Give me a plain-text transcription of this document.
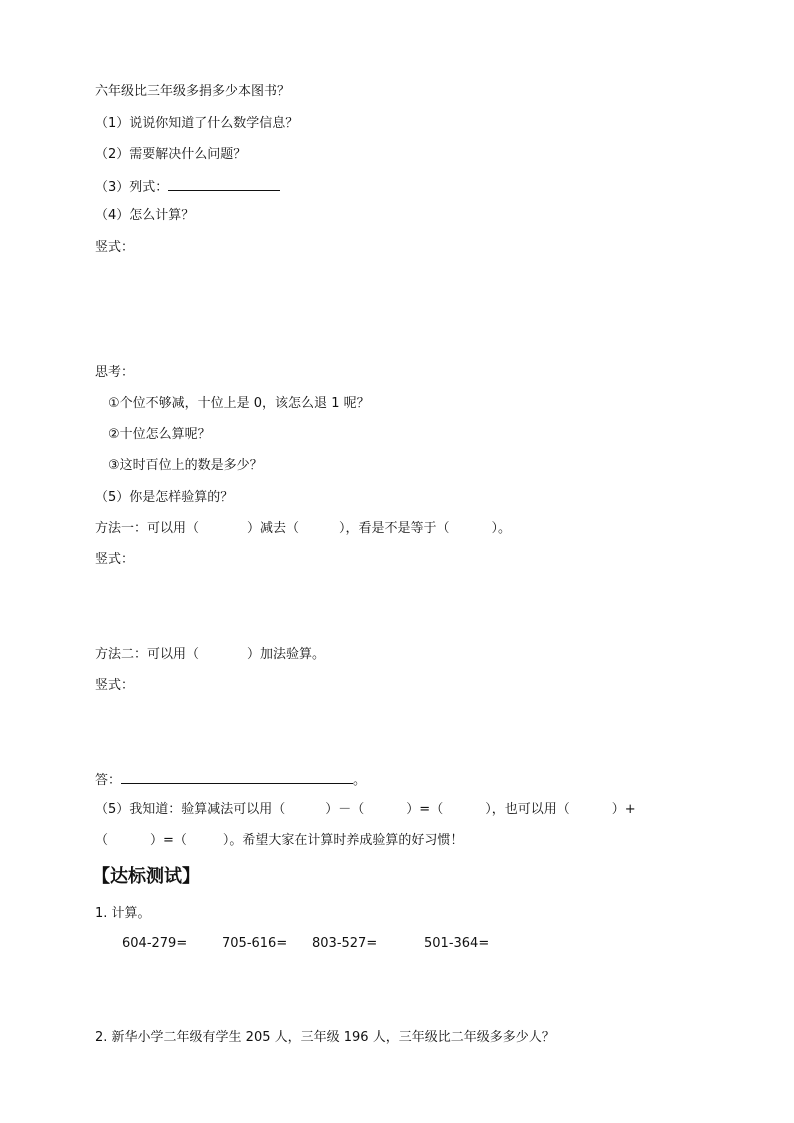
六年级比三年级多捐多少本图书？
（1）说说你知道了什么数学信息？
（2）需要解决什么问题？
（3）列式：
（4）怎么计算？
竖式：
思考：
①个位不够减，十位上是 0，该怎么退 1 呢？
②十位怎么算呢？
③这时百位上的数是多少？
（5）你是怎样验算的？
方法一：可以用（	）减去（	），看是不是等于（	）。
竖式：
方法二：可以用（	）加法验算。
竖式：
答：	。
（5）我知道：验算减法可以用（	）－（	）=（	），也可以用（	）+
（	）=（	）。希望大家在计算时养成验算的好习惯！
【达标测试】
1. 计算。
604-279=	705-616= 803-527=	501-364=
2. 新华小学二年级有学生 205 人，三年级 196 人，三年级比二年级多多少人？
